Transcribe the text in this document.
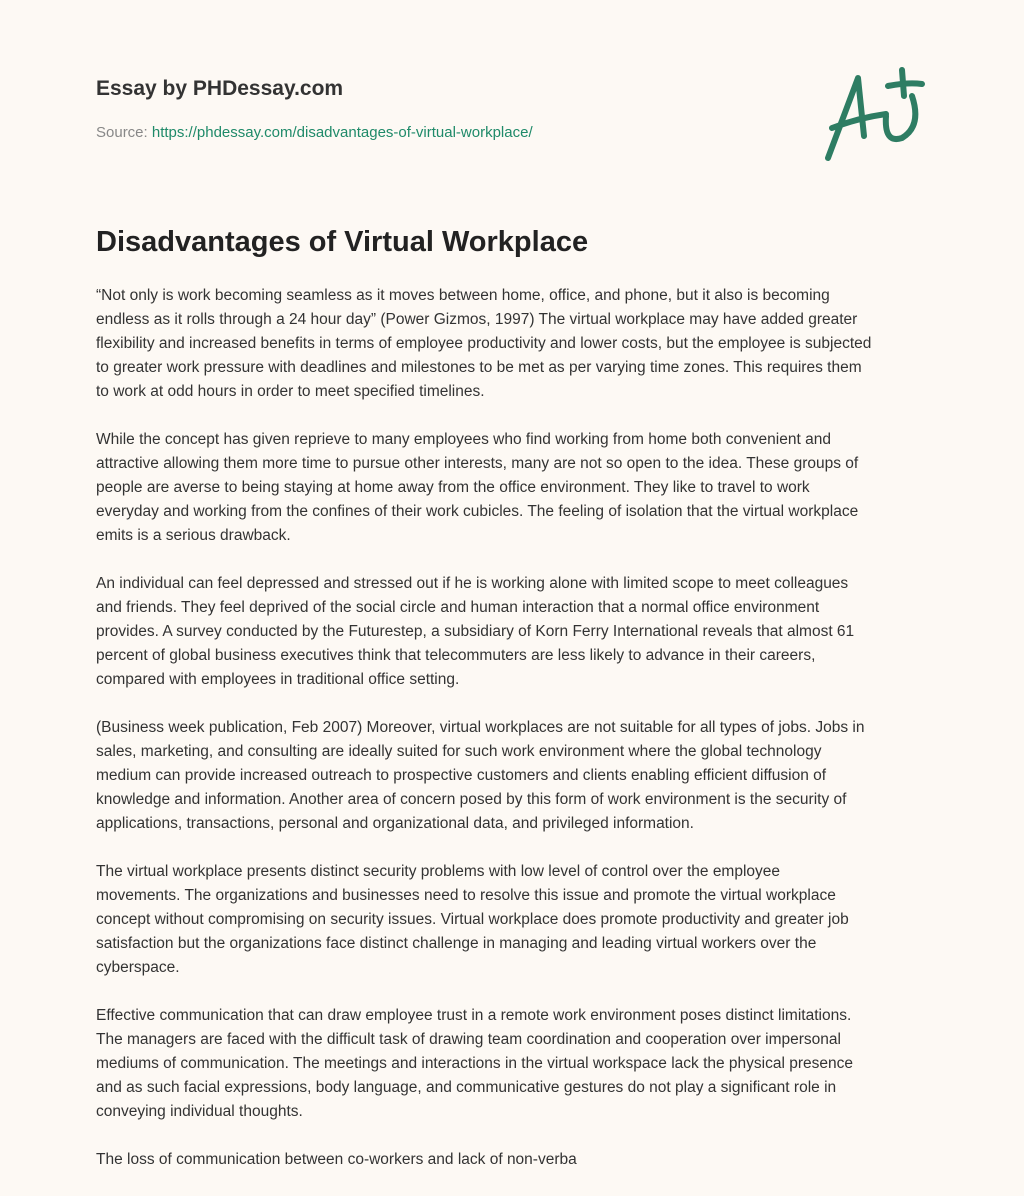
Essay by PHDessay.com
Source: https://phdessay.com/disadvantages-of-virtual-workplace/
Disadvantages of Virtual Workplace

“Not only is work becoming seamless as it moves between home, office, and phone, but it also is becoming
endless as it rolls through a 24 hour day” (Power Gizmos, 1997) The virtual workplace may have added greater
flexibility and increased benefits in terms of employee productivity and lower costs, but the employee is subjected
to greater work pressure with deadlines and milestones to be met as per varying time zones. This requires them
to work at odd hours in order to meet specified timelines.

While the concept has given reprieve to many employees who find working from home both convenient and
attractive allowing them more time to pursue other interests, many are not so open to the idea. These groups of
people are averse to being staying at home away from the office environment. They like to travel to work
everyday and working from the confines of their work cubicles. The feeling of isolation that the virtual workplace
emits is a serious drawback.

An individual can feel depressed and stressed out if he is working alone with limited scope to meet colleagues
and friends. They feel deprived of the social circle and human interaction that a normal office environment
provides. A survey conducted by the Futurestep, a subsidiary of Korn Ferry International reveals that almost 61
percent of global business executives think that telecommuters are less likely to advance in their careers,
compared with employees in traditional office setting.

(Business week publication, Feb 2007) Moreover, virtual workplaces are not suitable for all types of jobs. Jobs in
sales, marketing, and consulting are ideally suited for such work environment where the global technology
medium can provide increased outreach to prospective customers and clients enabling efficient diffusion of
knowledge and information. Another area of concern posed by this form of work environment is the security of
applications, transactions, personal and organizational data, and privileged information.

The virtual workplace presents distinct security problems with low level of control over the employee
movements. The organizations and businesses need to resolve this issue and promote the virtual workplace
concept without compromising on security issues. Virtual workplace does promote productivity and greater job
satisfaction but the organizations face distinct challenge in managing and leading virtual workers over the
cyberspace.

Effective communication that can draw employee trust in a remote work environment poses distinct limitations.
The managers are faced with the difficult task of drawing team coordination and cooperation over impersonal
mediums of communication. The meetings and interactions in the virtual workspace lack the physical presence
and as such facial expressions, body language, and communicative gestures do not play a significant role in
conveying individual thoughts.

The loss of communication between co-workers and lack of non-verba
